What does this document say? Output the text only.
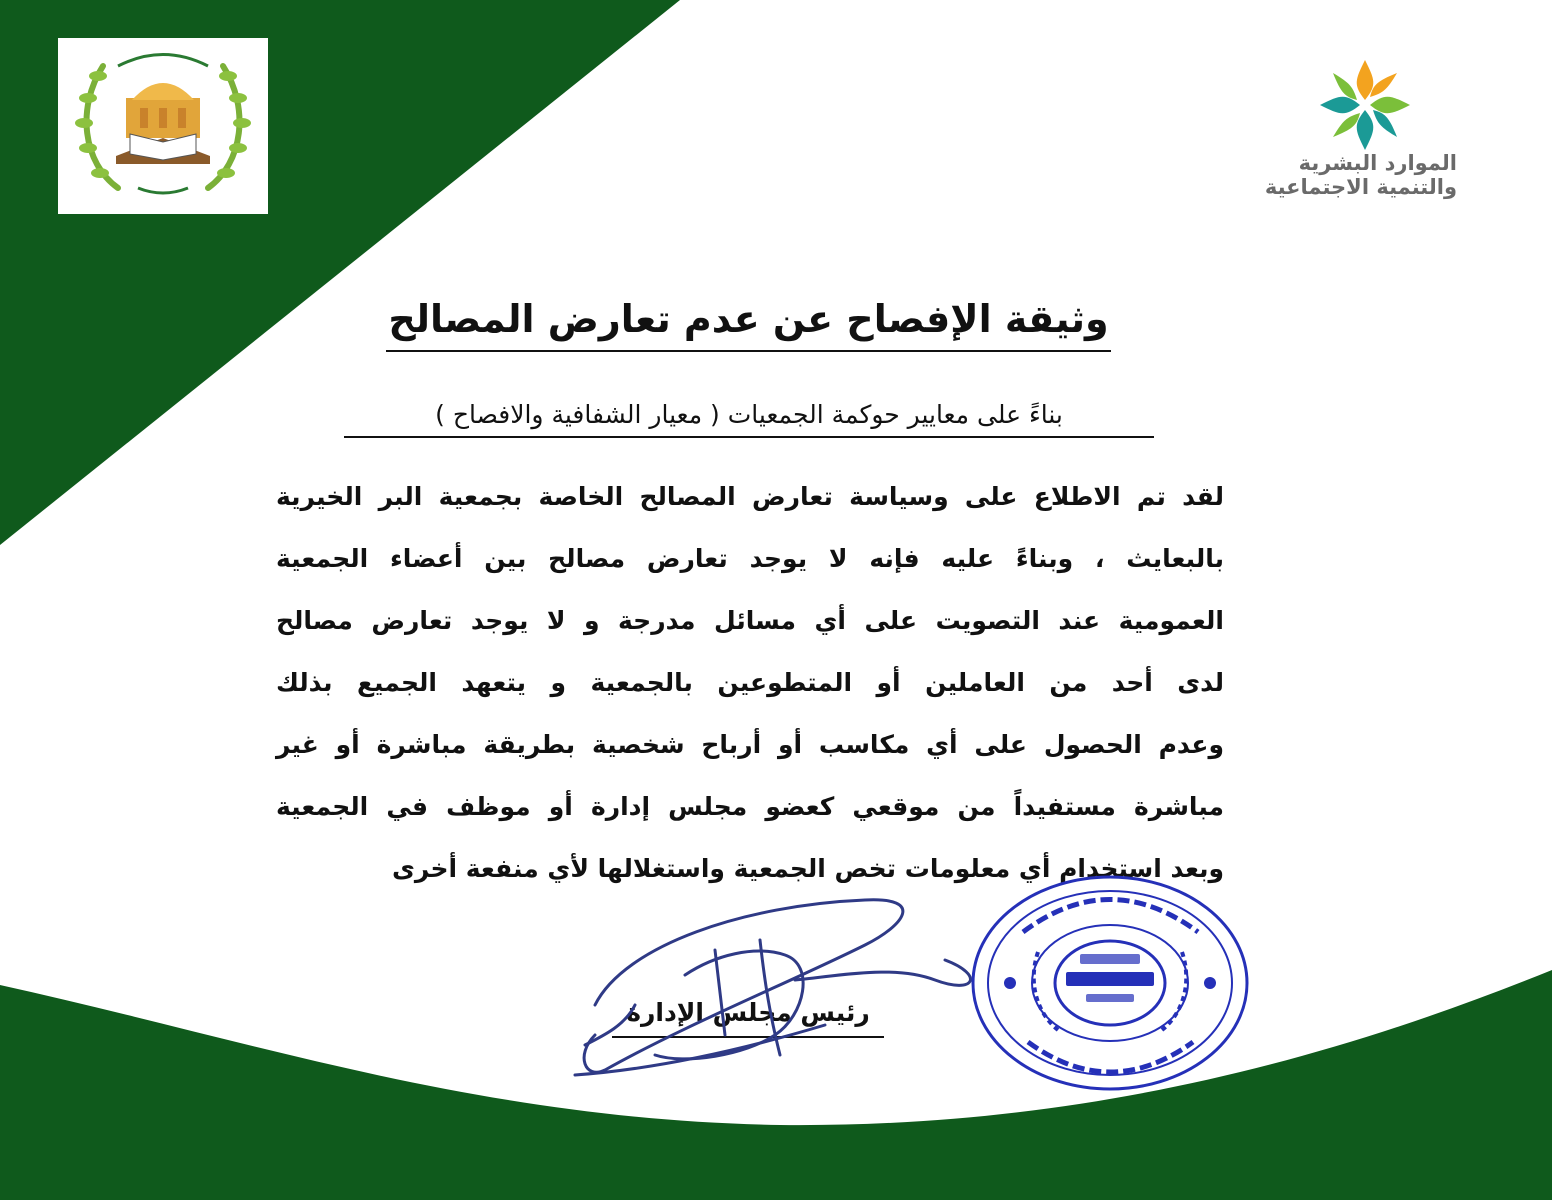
الموارد البشرية
والتنمية الاجتماعية
وثيقة الإفصاح عن عدم تعارض المصالح
بناءً على معايير حوكمة الجمعيات ( معيار الشفافية والافصاح )
لقد تم الاطلاع على وسياسة تعارض المصالح الخاصة بجمعية البر الخيرية
بالبعايث ، وبناءً عليه فإنه لا يوجد تعارض مصالح بين أعضاء الجمعية
العمومية عند التصويت على أي مسائل مدرجة و لا يوجد تعارض مصالح
لدى أحد من العاملين أو المتطوعين بالجمعية و يتعهد الجميع بذلك
وعدم الحصول على أي مكاسب أو أرباح شخصية بطريقة مباشرة أو غير
مباشرة مستفيداً من موقعي كعضو مجلس إدارة أو موظف في الجمعية
وبعد استخدام أي معلومات تخص الجمعية واستغلالها لأي منفعة أخرى
رئيس مجلس الإدارة
